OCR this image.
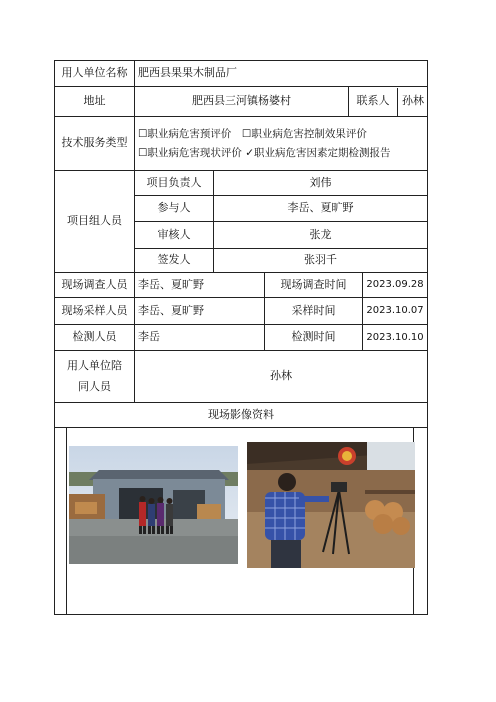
用人单位名称	肥西县果果木制品厂				
地址	肥西县三河镇杨婆村			联系人 孙林	

技术服务类型	☐职业病危害预评价　☐职业病危害控制效果评价
☐职业病危害现状评价 ✓职业病危害因素定期检测报告				

项目组人员	项目负责人	刘伟			
	参与人	李岳、夏旷野			
	审核人	张龙			
	签发人	张羽千			
现场调查人员	李岳、夏旷野		现场调查时间		2023.09.28
现场采样人员	李岳、夏旷野		采样时间		2023.10.07
检测人员	李岳		检测时间		2023.10.10
用人单位陪同人员	孙林				
现场影像资料					
